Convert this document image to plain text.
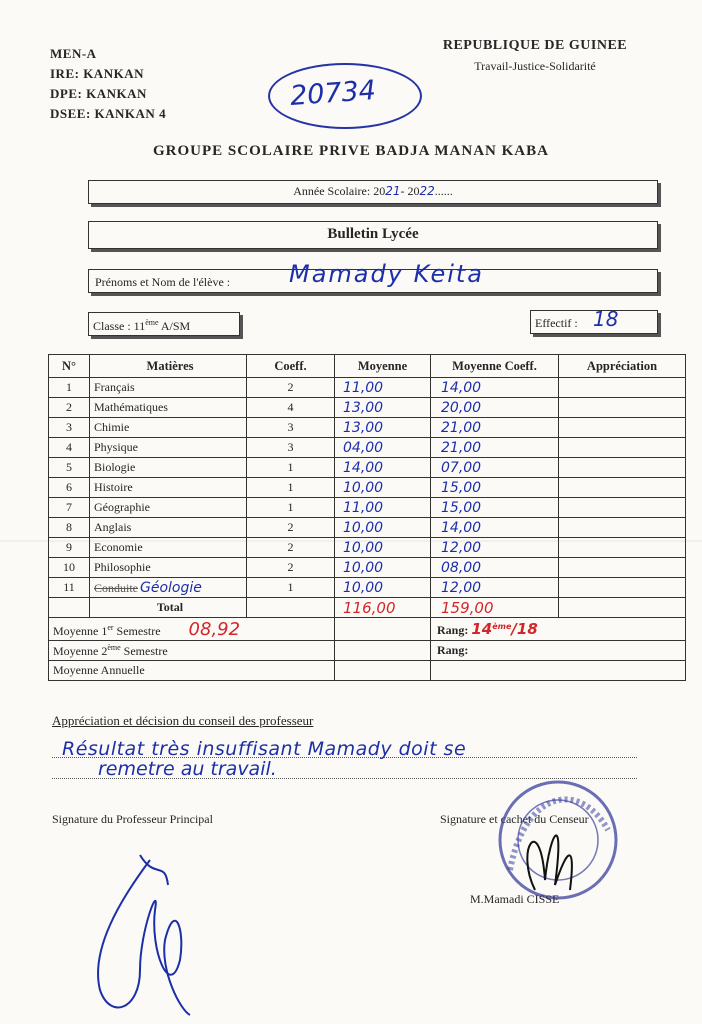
MEN-A
IRE: KANKAN
DPE: KANKAN
DSEE: KANKAN 4
REPUBLIQUE DE GUINEE
Travail-Justice-Solidarité
20734
GROUPE SCOLAIRE PRIVE BADJA MANAN KABA
Année Scolaire: 2021- 2022......
Bulletin Lycée
Prénoms et Nom de l'élève : Mamady Keita
Classe : 11ème A/SM	Effectif : 18
N°	Matières	Coeff.	Moyenne	Moyenne Coeff.	Appréciation
1	Français	2	11,00	14,00	
2	Mathématiques	4	13,00	20,00	
3	Chimie	3	13,00	21,00	
4	Physique	3	04,00	21,00	
5	Biologie	1	14,00	07,00	
6	Histoire	1	10,00	15,00	
7	Géographie	1	11,00	15,00	
8	Anglais	2	10,00	14,00	
9	Economie	2	10,00	12,00	
10	Philosophie	2	10,00	08,00	
11	Conduite Géologie	1	10,00	12,00	
	Total		116,00	159,00	
Moyenne 1er Semestre 08,92				Rang: 14ème/18	
Moyenne 2ème Semestre				Rang:	
Moyenne Annuelle					
Appréciation et décision du conseil des professeur
Résultat très insuffisant Mamady doit se
remetre au travail.
Signature du Professeur Principal	Signature et cachet du Censeur
M.Mamadi CISSE
